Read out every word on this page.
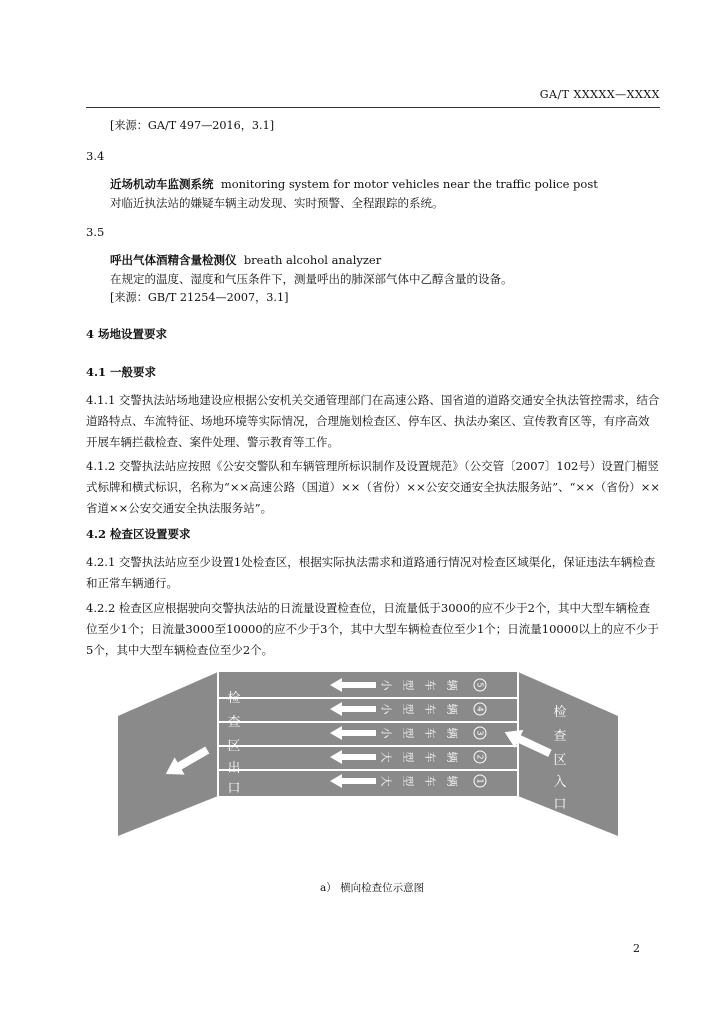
GA/T XXXXX—XXXX
[来源：GA/T 497—2016，3.1]
3.4
近场机动车监测系统 monitoring system for motor vehicles near the traffic police post
对临近执法站的嫌疑车辆主动发现、实时预警、全程跟踪的系统。
3.5
呼出气体酒精含量检测仪 breath alcohol analyzer
在规定的温度、湿度和气压条件下，测量呼出的肺深部气体中乙醇含量的设备。
[来源：GB/T 21254—2007，3.1]
4 场地设置要求
4.1 一般要求
4.1.1 交警执法站场地建设应根据公安机关交通管理部门在高速公路、国省道的道路交通安全执法管控需求，结合道路特点、车流特征、场地环境等实际情况，合理施划检查区、停车区、执法办案区、宣传教育区等，有序高效开展车辆拦截检查、案件处理、警示教育等工作。
4.1.2 交警执法站应按照《公安交警队和车辆管理所标识制作及设置规范》（公交管〔2007〕102号）设置门楣竖式标牌和横式标识，名称为“××高速公路（国道）××（省份）××公安交通安全执法服务站”、“××（省份）××省道××公安交通安全执法服务站”。
4.2 检查区设置要求
4.2.1 交警执法站应至少设置1处检查区，根据实际执法需求和道路通行情况对检查区域渠化，保证违法车辆检查和正常车辆通行。
4.2.2 检查区应根据驶向交警执法站的日流量设置检查位，日流量低于3000的应不少于2个，其中大型车辆检查位至少1个；日流量3000至10000的应不少于3个，其中大型车辆检查位至少1个；日流量10000以上的应不少于5个，其中大型车辆检查位至少2个。
检
查
区
出
口
检
查
区
入
口
小 型 车 辆 5
小 型 车 辆 4
小 型 车 辆 3
大 型 车 辆 2
大 型 车 辆 1
a） 横向检查位示意图
2
